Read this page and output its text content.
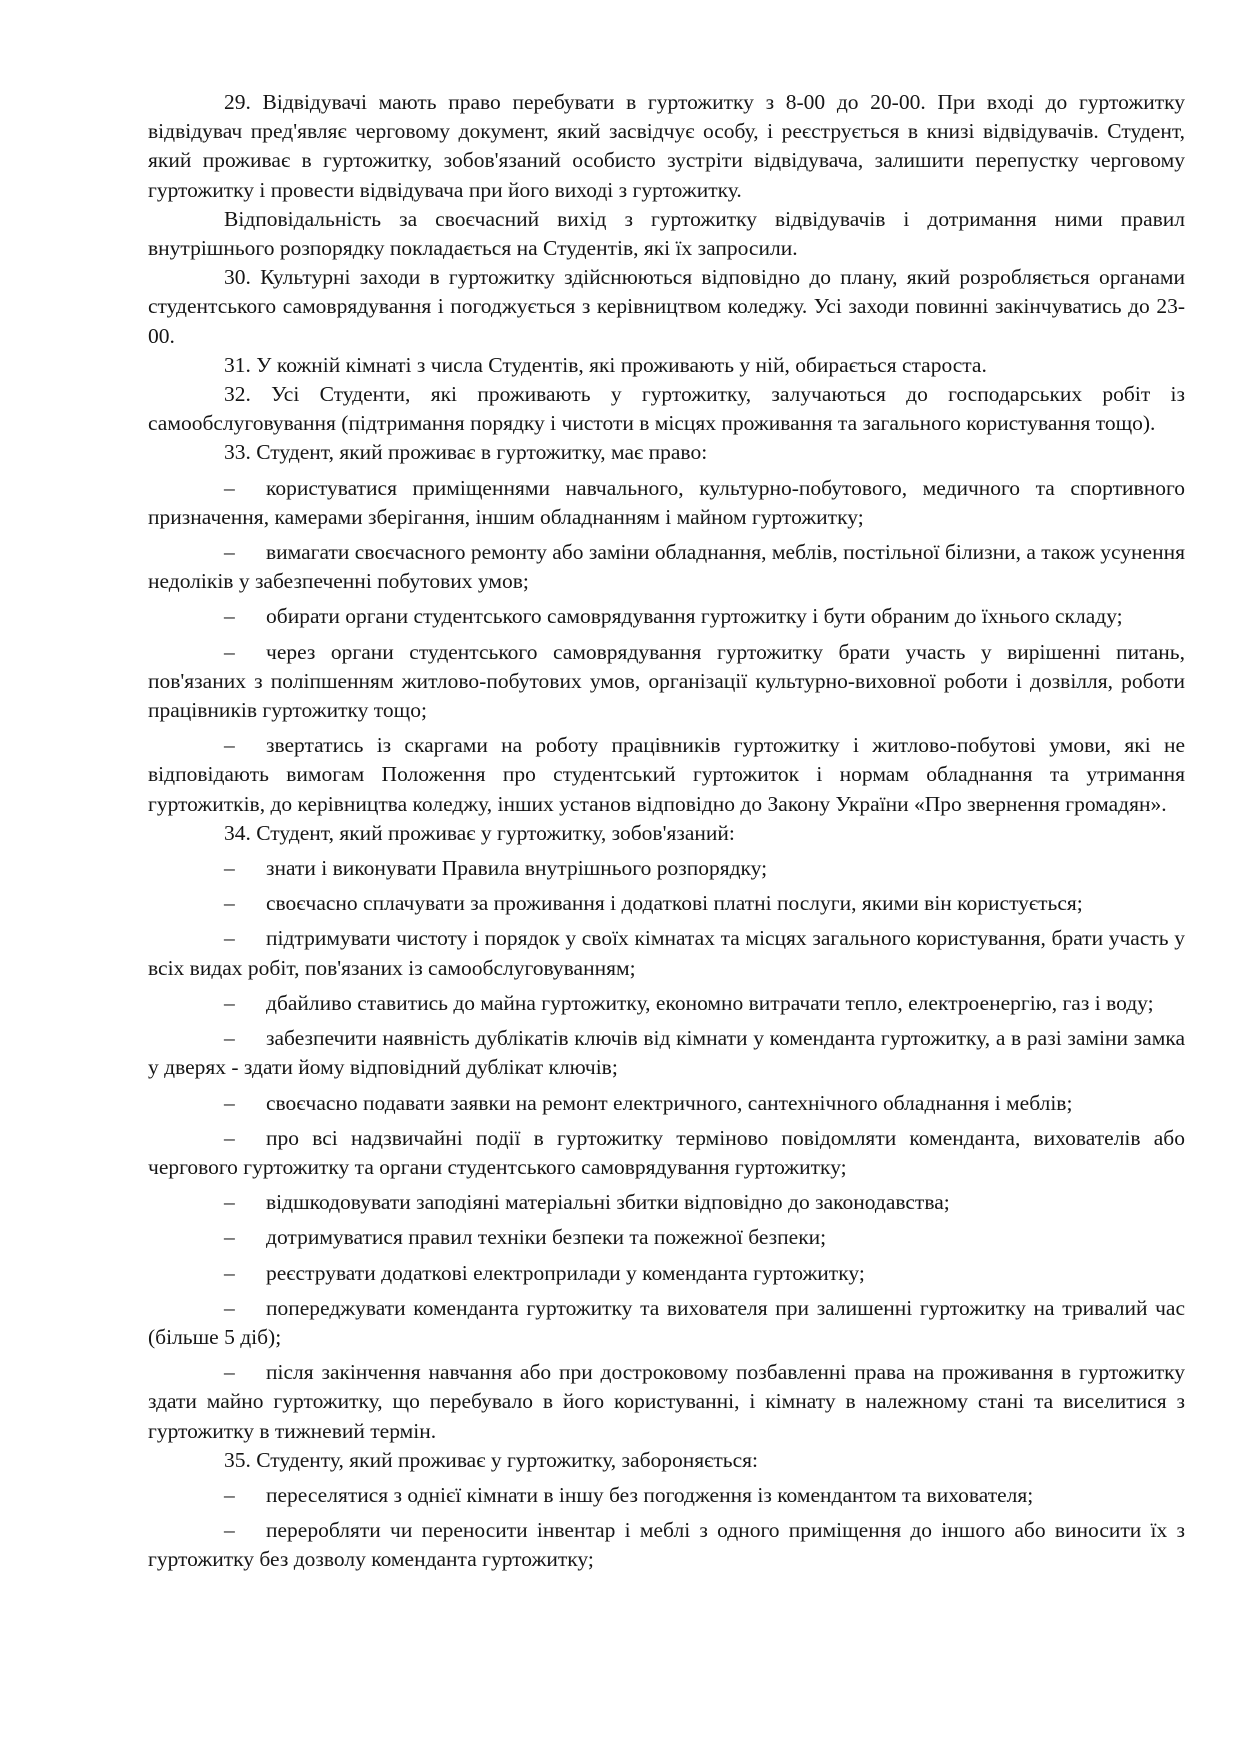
29. Відвідувачі мають право перебувати в гуртожитку з 8-00 до 20-00. При вході до гуртожитку відвідувач пред'являє черговому документ, який засвідчує особу, і реєструється в книзі відвідувачів. Студент, який проживає в гуртожитку, зобов'язаний особисто зустріти відвідувача, залишити перепустку черговому гуртожитку і провести відвідувача при його виході з гуртожитку.

Відповідальність за своєчасний вихід з гуртожитку відвідувачів і дотримання ними правил внутрішнього розпорядку покладається на Студентів, які їх запросили.

30. Культурні заходи в гуртожитку здійснюються відповідно до плану, який розробляється органами студентського самоврядування і погоджується з керівництвом коледжу. Усі заходи повинні закінчуватись до 23-00.

31. У кожній кімнаті з числа Студентів, які проживають у ній, обирається староста.

32. Усі Студенти, які проживають у гуртожитку, залучаються до господарських робіт із самообслуговування (підтримання порядку і чистоти в місцях проживання та загального користування тощо).

33. Студент, який проживає в гуртожитку, має право:

– користуватися приміщеннями навчального, культурно-побутового, медичного та спортивного призначення, камерами зберігання, іншим обладнанням і майном гуртожитку;

– вимагати своєчасного ремонту або заміни обладнання, меблів, постільної білизни, а також усунення недоліків у забезпеченні побутових умов;

– обирати органи студентського самоврядування гуртожитку і бути обраним до їхнього складу;

– через органи студентського самоврядування гуртожитку брати участь у вирішенні питань, пов'язаних з поліпшенням житлово-побутових умов, організації культурно-виховної роботи і дозвілля, роботи працівників гуртожитку тощо;

– звертатись із скаргами на роботу працівників гуртожитку і житлово-побутові умови, які не відповідають вимогам Положення про студентський гуртожиток і нормам обладнання та утримання гуртожитків, до керівництва коледжу, інших установ відповідно до Закону України «Про звернення громадян».

34. Студент, який проживає у гуртожитку, зобов'язаний:

– знати і виконувати Правила внутрішнього розпорядку;

– своєчасно сплачувати за проживання і додаткові платні послуги, якими він користується;

– підтримувати чистоту і порядок у своїх кімнатах та місцях загального користування, брати участь у всіх видах робіт, пов'язаних із самообслуговуванням;

– дбайливо ставитись до майна гуртожитку, економно витрачати тепло, електроенергію, газ і воду;

– забезпечити наявність дублікатів ключів від кімнати у коменданта гуртожитку, а в разі заміни замка у дверях - здати йому відповідний дублікат ключів;

– своєчасно подавати заявки на ремонт електричного, сантехнічного обладнання і меблів;

– про всі надзвичайні події в гуртожитку терміново повідомляти коменданта, вихователів або чергового гуртожитку та органи студентського самоврядування гуртожитку;

– відшкодовувати заподіяні матеріальні збитки відповідно до законодавства;

– дотримуватися правил техніки безпеки та пожежної безпеки;

– реєструвати додаткові електроприлади у коменданта гуртожитку;

– попереджувати коменданта гуртожитку та вихователя при залишенні гуртожитку на тривалий час (більше 5 діб);

– після закінчення навчання або при достроковому позбавленні права на проживання в гуртожитку здати майно гуртожитку, що перебувало в його користуванні, і кімнату в належному стані та виселитися з гуртожитку в тижневий термін.

35. Студенту, який проживає у гуртожитку, забороняється:

– переселятися з однієї кімнати в іншу без погодження із комендантом та вихователя;

– переробляти чи переносити інвентар і меблі з одного приміщення до іншого або виносити їх з гуртожитку без дозволу коменданта гуртожитку;
